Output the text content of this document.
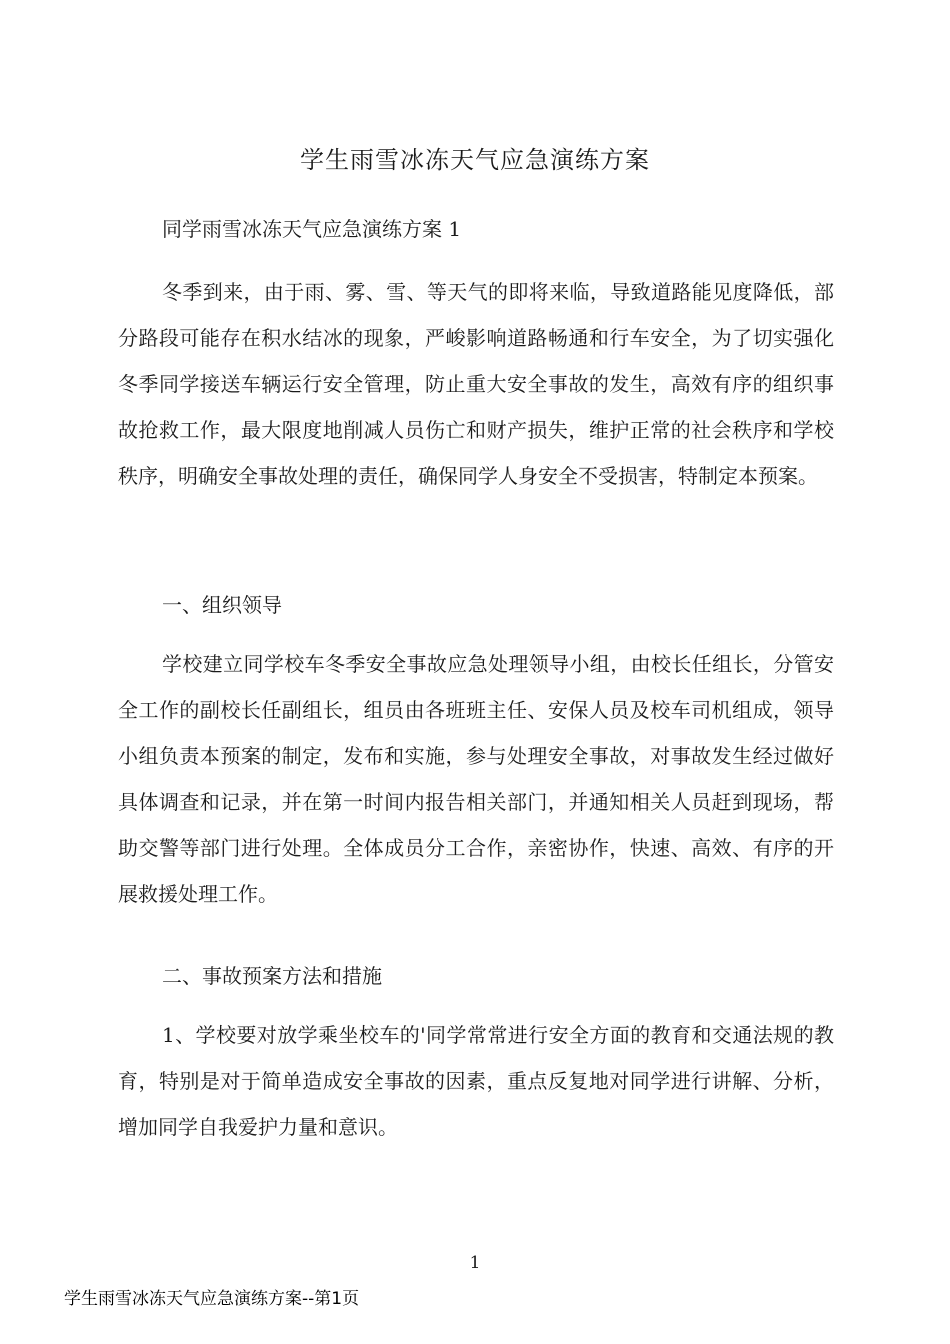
学生雨雪冰冻天气应急演练方案
同学雨雪冰冻天气应急演练方案 1

冬季到来，由于雨、雾、雪、等天气的即将来临，导致道路能见度降低，部分路段可能存在积水结冰的现象，严峻影响道路畅通和行车安全，为了切实强化冬季同学接送车辆运行安全管理，防止重大安全事故的发生，高效有序的组织事故抢救工作，最大限度地削减人员伤亡和财产损失，维护正常的社会秩序和学校秩序，明确安全事故处理的责任，确保同学人身安全不受损害，特制定本预案。

一、组织领导

学校建立同学校车冬季安全事故应急处理领导小组，由校长任组长，分管安全工作的副校长任副组长，组员由各班班主任、安保人员及校车司机组成，领导小组负责本预案的制定，发布和实施，参与处理安全事故，对事故发生经过做好具体调查和记录，并在第一时间内报告相关部门，并通知相关人员赶到现场，帮助交警等部门进行处理。全体成员分工合作，亲密协作，快速、高效、有序的开展救援处理工作。

二、事故预案方法和措施

1、学校要对放学乘坐校车的'同学常常进行安全方面的教育和交通法规的教育，特别是对于简单造成安全事故的因素，重点反复地对同学进行讲解、分析，增加同学自我爱护力量和意识。

1
学生雨雪冰冻天气应急演练方案--第1页
